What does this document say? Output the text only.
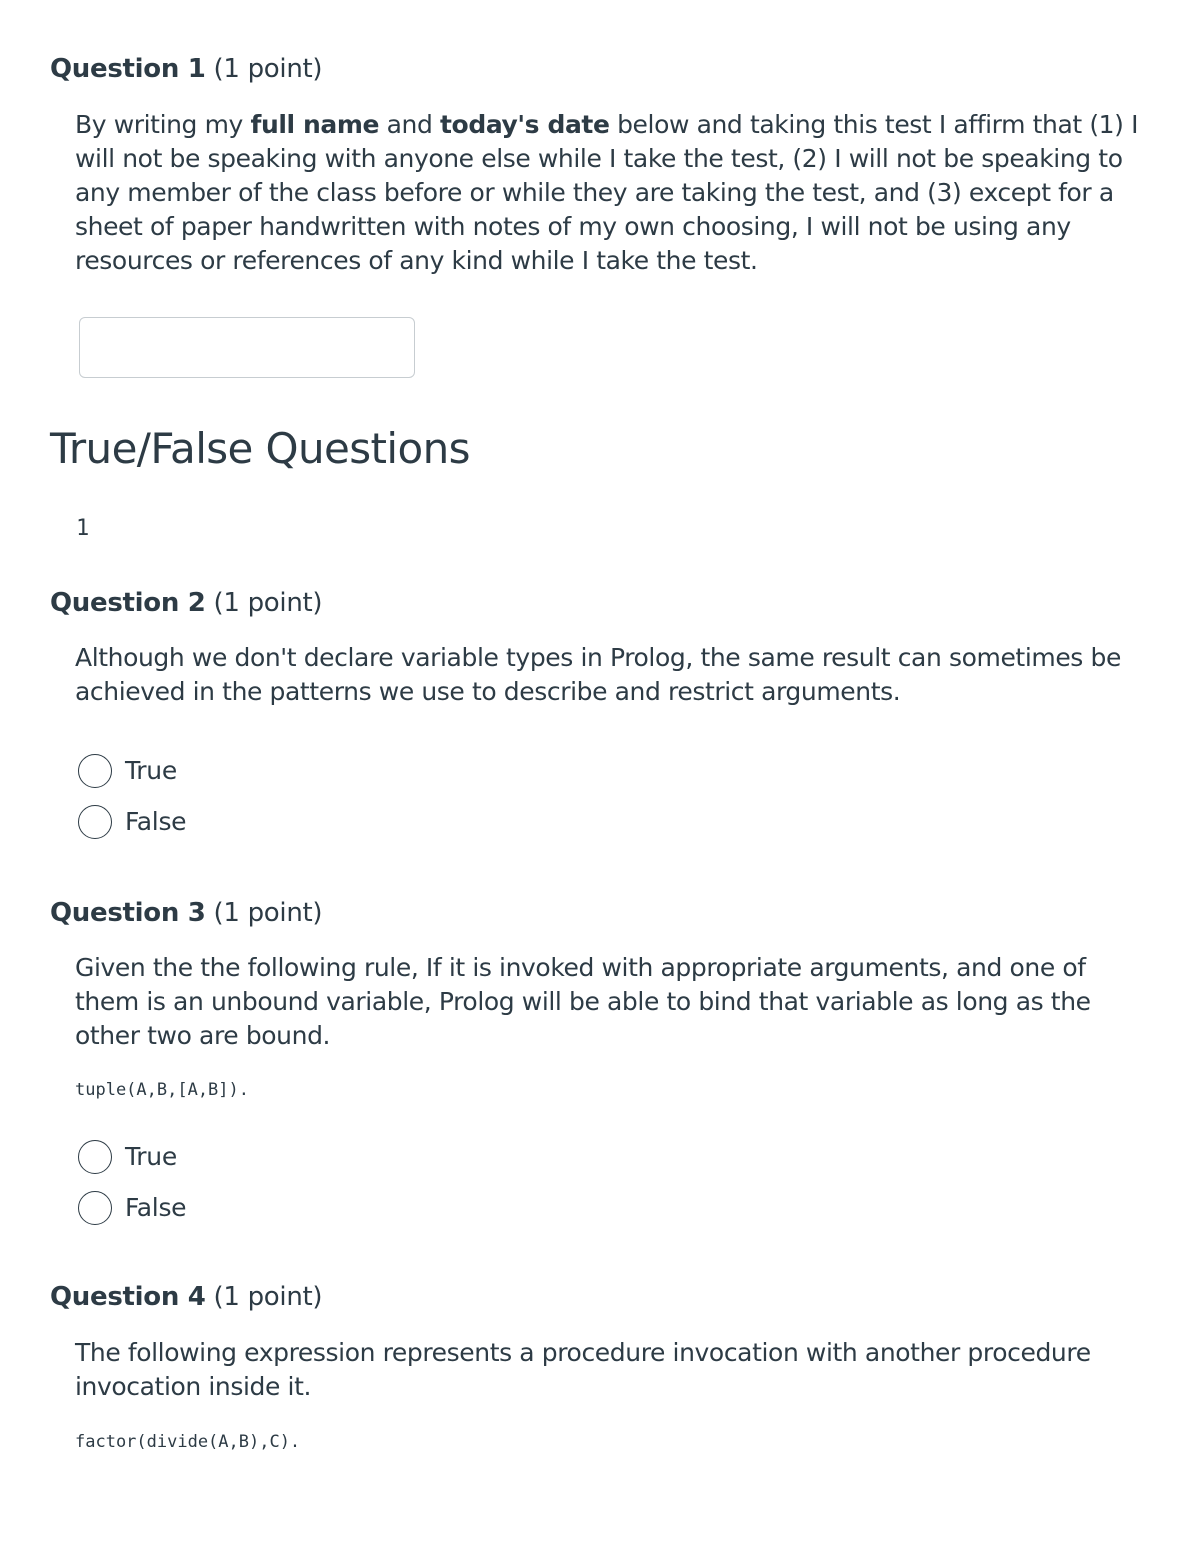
Question 1 (1 point)
By writing my full name and today's date below and taking this test I affirm that (1) I will not be speaking with anyone else while I take the test, (2) I will not be speaking to any member of the class before or while they are taking the test, and (3) except for a sheet of paper handwritten with notes of my own choosing, I will not be using any resources or references of any kind while I take the test.
True/False Questions
1
Question 2 (1 point)
Although we don't declare variable types in Prolog, the same result can sometimes be achieved in the patterns we use to describe and restrict arguments.
True
False
Question 3 (1 point)
Given the the following rule, If it is invoked with appropriate arguments, and one of them is an unbound variable, Prolog will be able to bind that variable as long as the other two are bound.
tuple(A,B,[A,B]).
True
False
Question 4 (1 point)
The following expression represents a procedure invocation with another procedure invocation inside it.
factor(divide(A,B),C).
